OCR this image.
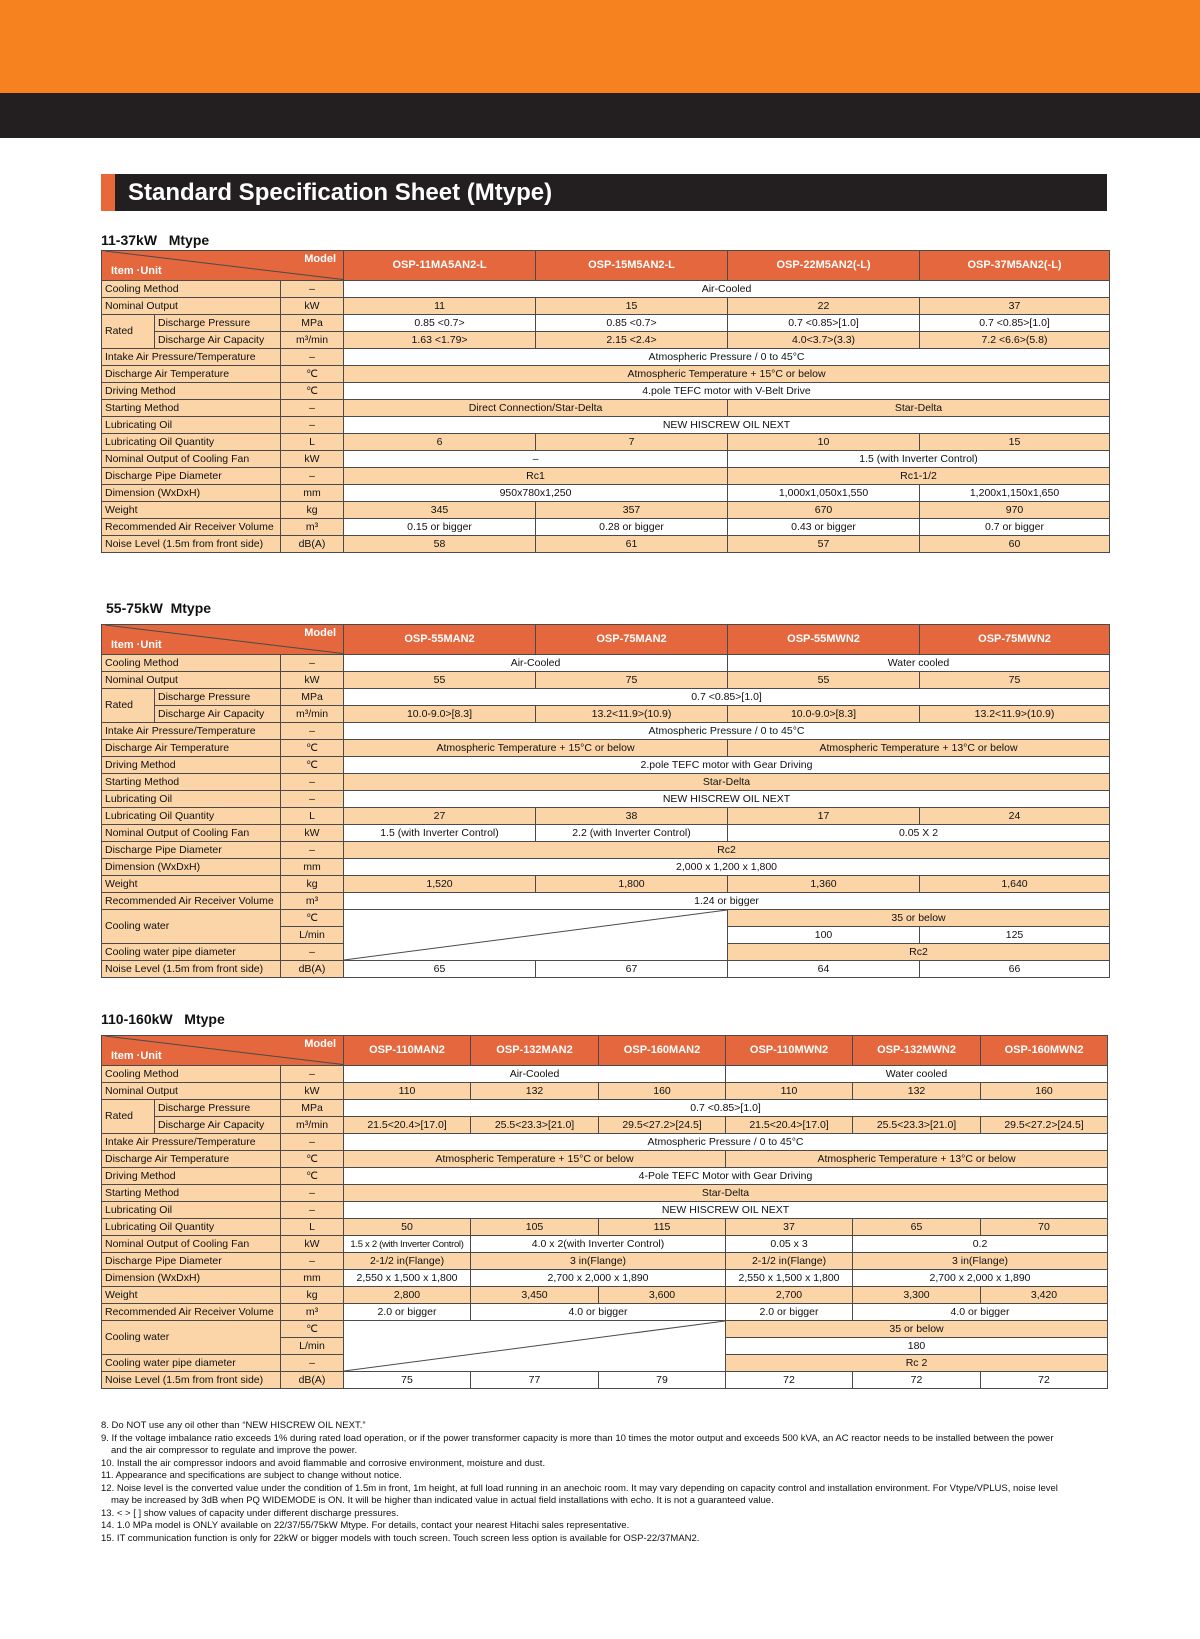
Standard Specification Sheet (Mtype)
11-37kW   Mtype
Model
Item ·Unit			OSP-11MA5AN2-L	OSP-15M5AN2-L	OSP-22M5AN2(-L)	OSP-37M5AN2(-L)
Cooling Method		–	Air-Cooled			
Nominal Output		kW	11	15	22	37
Rated	Discharge Pressure	MPa	0.85 <0.7>	0.85 <0.7>	0.7 <0.85>[1.0]	0.7 <0.85>[1.0]
	Discharge Air Capacity	m³/min	1.63 <1.79>	2.15 <2.4>	4.0<3.7>(3.3)	7.2 <6.6>(5.8)
Intake Air Pressure/Temperature		–	Atmospheric Pressure / 0 to 45°C			
Discharge Air Temperature		℃	Atmospheric Temperature + 15°C or below			
Driving Method		℃	4.pole TEFC motor with V-Belt Drive			
Starting Method		–	Direct Connection/Star-Delta		Star-Delta	
Lubricating Oil		–	NEW HISCREW OIL NEXT			
Lubricating Oil Quantity		L	6	7	10	15
Nominal Output of Cooling Fan		kW	–		1.5 (with Inverter Control)	
Discharge Pipe Diameter		–	Rc1		Rc1-1/2	
Dimension (WxDxH)		mm	950x780x1,250		1,000x1,050x1,550	1,200x1,150x1,650
Weight		kg	345	357	670	970
Recommended Air Receiver Volume		m³	0.15 or bigger	0.28 or bigger	0.43 or bigger	0.7 or bigger
Noise Level (1.5m from front side)		dB(A)	58	61	57	60
55-75kW  Mtype
Model
Item ·Unit			OSP-55MAN2	OSP-75MAN2	OSP-55MWN2	OSP-75MWN2
Cooling Method		–	Air-Cooled		Water cooled	
Nominal Output		kW	55	75	55	75
Rated	Discharge Pressure	MPa	0.7 <0.85>[1.0]			
	Discharge Air Capacity	m³/min	10.0-9.0>[8.3]	13.2<11.9>(10.9)	10.0-9.0>[8.3]	13.2<11.9>(10.9)
Intake Air Pressure/Temperature		–	Atmospheric Pressure / 0 to 45°C			
Discharge Air Temperature		℃	Atmospheric Temperature + 15°C or below		Atmospheric Temperature + 13°C or below	
Driving Method		℃	2.pole TEFC motor with Gear Driving			
Starting Method		–	Star-Delta			
Lubricating Oil		–	NEW HISCREW OIL NEXT			
Lubricating Oil Quantity		L	27	38	17	24
Nominal Output of Cooling Fan		kW	1.5 (with Inverter Control)	2.2 (with Inverter Control)	0.05 X 2	
Discharge Pipe Diameter		–	Rc2			
Dimension (WxDxH)		mm	2,000 x 1,200 x 1,800			
Weight		kg	1,520	1,800	1,360	1,640
Recommended Air Receiver Volume		m³	1.24 or bigger			
Cooling water		℃			35 or below	
		L/min			100	125
Cooling water pipe diameter		–			Rc2	
Noise Level (1.5m from front side)		dB(A)	65	67	64	66
110-160kW   Mtype
Model
Item ·Unit			OSP-110MAN2	OSP-132MAN2	OSP-160MAN2	OSP-110MWN2	OSP-132MWN2	OSP-160MWN2
Cooling Method		–	Air-Cooled			Water cooled		
Nominal Output		kW	110	132	160	110	132	160
Rated	Discharge Pressure	MPa	0.7 <0.85>[1.0]					
	Discharge Air Capacity	m³/min	21.5<20.4>[17.0]	25.5<23.3>[21.0]	29.5<27.2>[24.5]	21.5<20.4>[17.0]	25.5<23.3>[21.0]	29.5<27.2>[24.5]
Intake Air Pressure/Temperature		–	Atmospheric Pressure / 0 to 45°C					
Discharge Air Temperature		℃	Atmospheric Temperature + 15°C or below			Atmospheric Temperature + 13°C or below		
Driving Method		℃	4-Pole TEFC Motor with Gear Driving					
Starting Method		–	Star-Delta					
Lubricating Oil		–	NEW HISCREW OIL NEXT					
Lubricating Oil Quantity		L	50	105	115	37	65	70
Nominal Output of Cooling Fan		kW	1.5 x 2 (with Inverter Control)	4.0 x 2(with Inverter Control)		0.05 x 3	0.2	
Discharge Pipe Diameter		–	2-1/2 in(Flange)	3 in(Flange)		2-1/2 in(Flange)	3 in(Flange)	
Dimension (WxDxH)		mm	2,550 x 1,500 x 1,800	2,700 x 2,000 x 1,890		2,550 x 1,500 x 1,800	2,700 x 2,000 x 1,890	
Weight		kg	2,800	3,450	3,600	2,700	3,300	3,420
Recommended Air Receiver Volume		m³	2.0 or bigger	4.0 or bigger		2.0 or bigger	4.0 or bigger	
Cooling water		℃				35 or below		
		L/min				180		
Cooling water pipe diameter		–				Rc 2		
Noise Level (1.5m from front side)		dB(A)	75	77	79	72	72	72

8. Do NOT use any oil other than “NEW HISCREW OIL NEXT.”

9. If the voltage imbalance ratio exceeds 1% during rated load operation, or if the power transformer capacity is more than 10 times the motor output and exceeds 500 kVA, an AC reactor needs to be installed between the power

and the air compressor to regulate and improve the power.

10. Install the air compressor indoors and avoid flammable and corrosive environment, moisture and dust.

11. Appearance and specifications are subject to change without notice.

12. Noise level is the converted value under the condition of 1.5m in front, 1m height, at full load running in an anechoic room. It may vary depending on capacity control and installation environment. For Vtype/VPLUS, noise level

may be increased by 3dB when PQ WIDEMODE is ON. It will be higher than indicated value in actual field installations with echo. It is not a guaranteed value.

13. < > [ ] show values of capacity under different discharge pressures.

14. 1.0 MPa model is ONLY available on 22/37/55/75kW Mtype. For details, contact your nearest Hitachi sales representative.

15. IT communication function is only for 22kW or bigger models with touch screen. Touch screen less option is available for OSP-22/37MAN2.
